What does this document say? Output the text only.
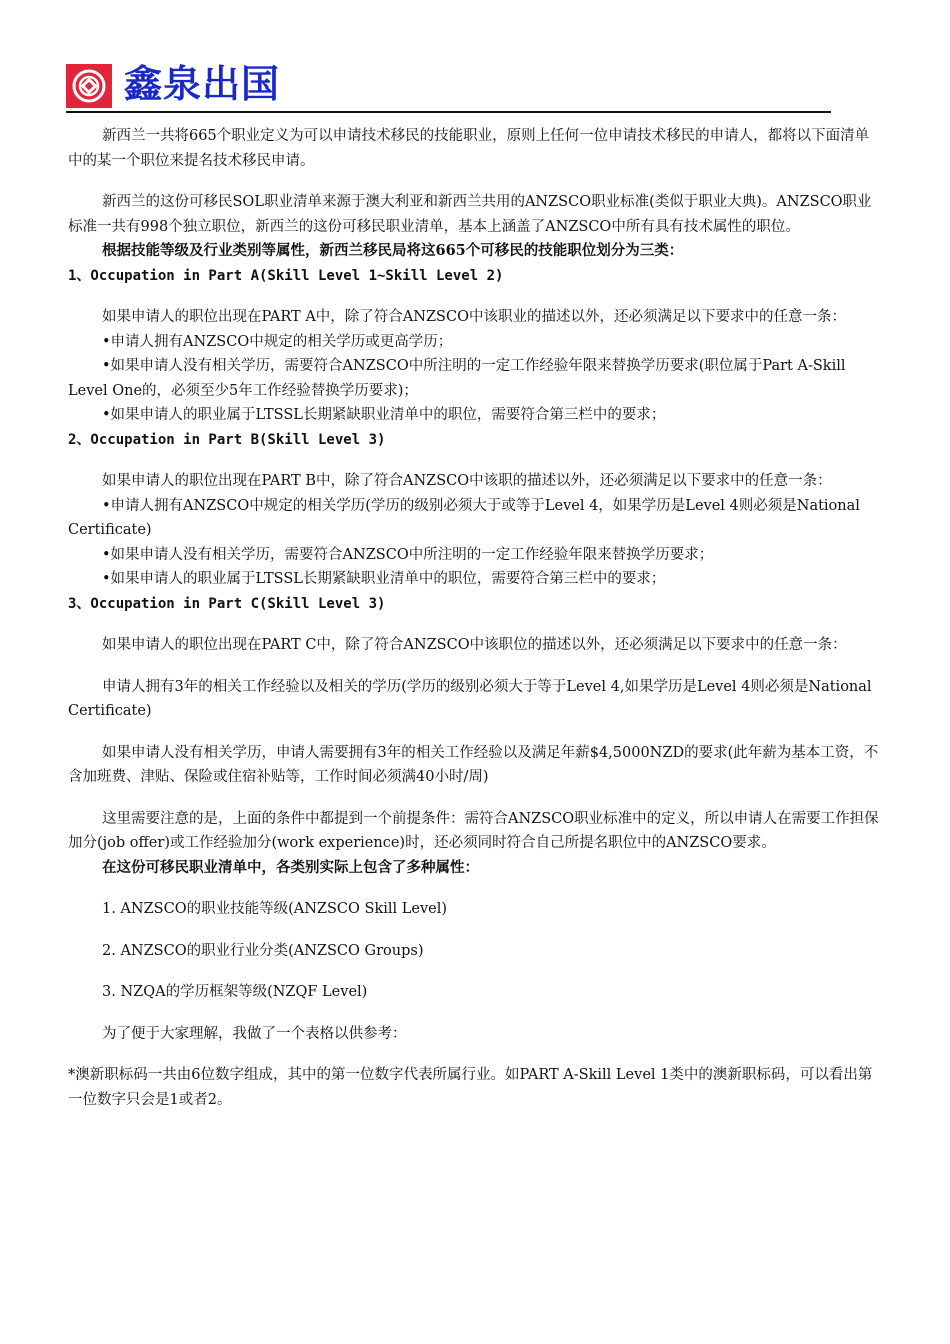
鑫泉出国

新西兰一共将665个职业定义为可以申请技术移民的技能职业，原则上任何一位申请技术移民的申请人，都将以下面清单中的某一个职位来提名技术移民申请。

新西兰的这份可移民SOL职业清单来源于澳大利亚和新西兰共用的ANZSCO职业标准(类似于职业大典)。ANZSCO职业标准一共有998个独立职位，新西兰的这份可移民职业清单，基本上涵盖了ANZSCO中所有具有技术属性的职位。

根据技能等级及行业类别等属性，新西兰移民局将这665个可移民的技能职位划分为三类：

1、Occupation in Part A(Skill Level 1~Skill Level 2)

如果申请人的职位出现在PART A中，除了符合ANZSCO中该职业的描述以外，还必须满足以下要求中的任意一条：

•申请人拥有ANZSCO中规定的相关学历或更高学历；

•如果申请人没有相关学历，需要符合ANZSCO中所注明的一定工作经验年限来替换学历要求(职位属于Part A-Skill Level One的，必须至少5年工作经验替换学历要求)；

•如果申请人的职业属于LTSSL长期紧缺职业清单中的职位，需要符合第三栏中的要求；

2、Occupation in Part B(Skill Level 3)

如果申请人的职位出现在PART B中，除了符合ANZSCO中该职的描述以外，还必须满足以下要求中的任意一条：

•申请人拥有ANZSCO中规定的相关学历(学历的级别必须大于或等于Level 4，如果学历是Level 4则必须是National Certificate)

•如果申请人没有相关学历，需要符合ANZSCO中所注明的一定工作经验年限来替换学历要求；

•如果申请人的职业属于LTSSL长期紧缺职业清单中的职位，需要符合第三栏中的要求；

3、Occupation in Part C(Skill Level 3)

如果申请人的职位出现在PART C中，除了符合ANZSCO中该职位的描述以外，还必须满足以下要求中的任意一条：

申请人拥有3年的相关工作经验以及相关的学历(学历的级别必须大于等于Level 4,如果学历是Level 4则必须是National Certificate)

如果申请人没有相关学历，申请人需要拥有3年的相关工作经验以及满足年薪$4,5000NZD的要求(此年薪为基本工资，不含加班费、津贴、保险或住宿补贴等，工作时间必须满40小时/周)

这里需要注意的是，上面的条件中都提到一个前提条件：需符合ANZSCO职业标准中的定义，所以申请人在需要工作担保加分(job offer)或工作经验加分(work experience)时，还必须同时符合自己所提名职位中的ANZSCO要求。

在这份可移民职业清单中，各类别实际上包含了多种属性：

1. ANZSCO的职业技能等级(ANZSCO Skill Level)

2. ANZSCO的职业行业分类(ANZSCO Groups)

3. NZQA的学历框架等级(NZQF Level)

为了便于大家理解，我做了一个表格以供参考：

*澳新职标码一共由6位数字组成，其中的第一位数字代表所属行业。如PART A-Skill Level 1类中的澳新职标码，可以看出第一位数字只会是1或者2。
